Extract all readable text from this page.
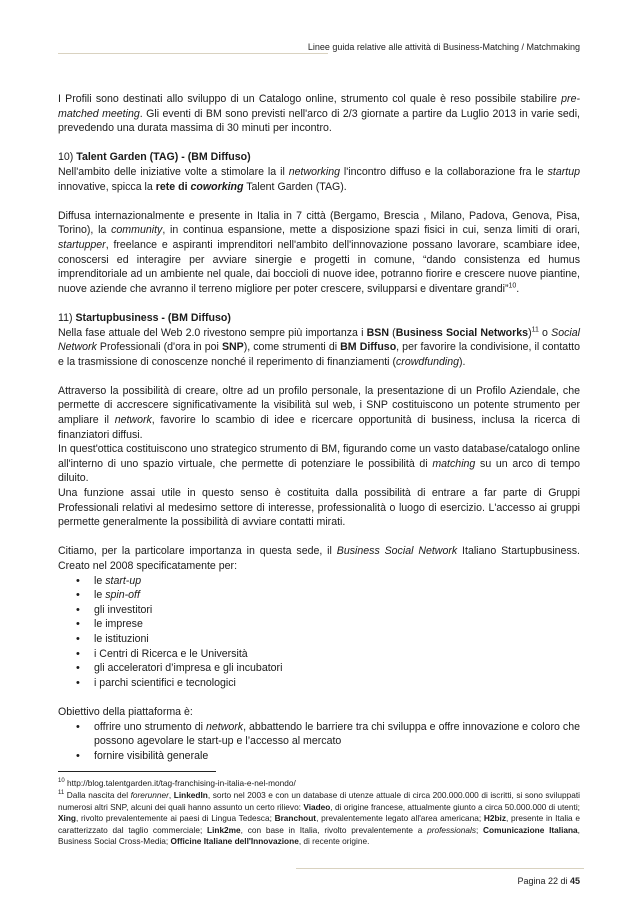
Linee guida relative alle attività di Business-Matching / Matchmaking

I Profili sono destinati allo sviluppo di un Catalogo online, strumento col quale è reso possibile stabilire pre-matched meeting. Gli eventi di BM sono previsti nell'arco di 2/3 giornate a partire da Luglio 2013 in varie sedi, prevedendo una durata massima di 30 minuti per incontro.

10) Talent Garden (TAG) - (BM Diffuso)

Nell'ambito delle iniziative volte a stimolare la il networking l'incontro diffuso e la collaborazione fra le startup innovative, spicca la rete di coworking Talent Garden (TAG).

Diffusa internazionalmente e presente in Italia in 7 città (Bergamo, Brescia , Milano, Padova, Genova, Pisa, Torino), la community, in continua espansione, mette a disposizione spazi fisici in cui, senza limiti di orari, startupper, freelance e aspiranti imprenditori nell'ambito dell'innovazione possano lavorare, scambiare idee, conoscersi ed interagire per avviare sinergie e progetti in comune, “dando consistenza ed humus imprenditoriale ad un ambiente nel quale, dai boccioli di nuove idee, potranno fiorire e crescere nuove piantine, nuove aziende che avranno il terreno migliore per poter crescere, svilupparsi e diventare grandi”$^{10}$.

11) Startupbusiness - (BM Diffuso)

Nella fase attuale del Web 2.0 rivestono sempre più importanza i BSN (Business Social Networks)$^{11}$ o Social Network Professionali (d'ora in poi SNP), come strumenti di BM Diffuso, per favorire la condivisione, il contatto e la trasmissione di conoscenze nonché il reperimento di finanziamenti (crowdfunding).

Attraverso la possibilità di creare, oltre ad un profilo personale, la presentazione di un Profilo Aziendale, che permette di accrescere significativamente la visibilità sul web, i SNP costituiscono un potente strumento per ampliare il network, favorire lo scambio di idee e ricercare opportunità di business, inclusa la ricerca di finanziatori diffusi.

In quest'ottica costituiscono uno strategico strumento di BM, figurando come un vasto database/catalogo online all'interno di uno spazio virtuale, che permette di potenziare le possibilità di matching su un arco di tempo diluito.

Una funzione assai utile in questo senso è costituita dalla possibilità di entrare a far parte di Gruppi Professionali relativi al medesimo settore di interesse, professionalità o luogo di esercizio. L'accesso ai gruppi permette generalmente la possibilità di avviare contatti mirati.

Citiamo, per la particolare importanza in questa sede, il Business Social Network Italiano Startupbusiness. Creato nel 2008 specificatamente per:

• le start-up
• le spin-off
• gli investitori
• le imprese
• le istituzioni
• i Centri di Ricerca e le Università
• gli acceleratori d’impresa e gli incubatori
• i parchi scientifici e tecnologici

Obiettivo della piattaforma è:

• offrire uno strumento di network, abbattendo le barriere tra chi sviluppa e offre innovazione e coloro che possono agevolare le start-up e l’accesso al mercato
• fornire visibilità generale

$^{10}$ http://blog.talentgarden.it/tag-franchising-in-italia-e-nel-mondo/

$^{11}$ Dalla nascita del forerunner, LinkedIn, sorto nel 2003 e con un database di utenze attuale di circa 200.000.000 di iscritti, si sono sviluppati numerosi altri SNP, alcuni dei quali hanno assunto un certo rilievo: Viadeo, di origine francese, attualmente giunto a circa 50.000.000 di utenti; Xing, rivolto prevalentemente ai paesi di Lingua Tedesca; Branchout, prevalentemente legato all'area americana; H2biz, presente in Italia e caratterizzato dal taglio commerciale; Link2me, con base in Italia, rivolto prevalentemente a professionals; Comunicazione Italiana, Business Social Cross-Media; Officine Italiane dell'Innovazione, di recente origine.

Pagina 22 di 45
